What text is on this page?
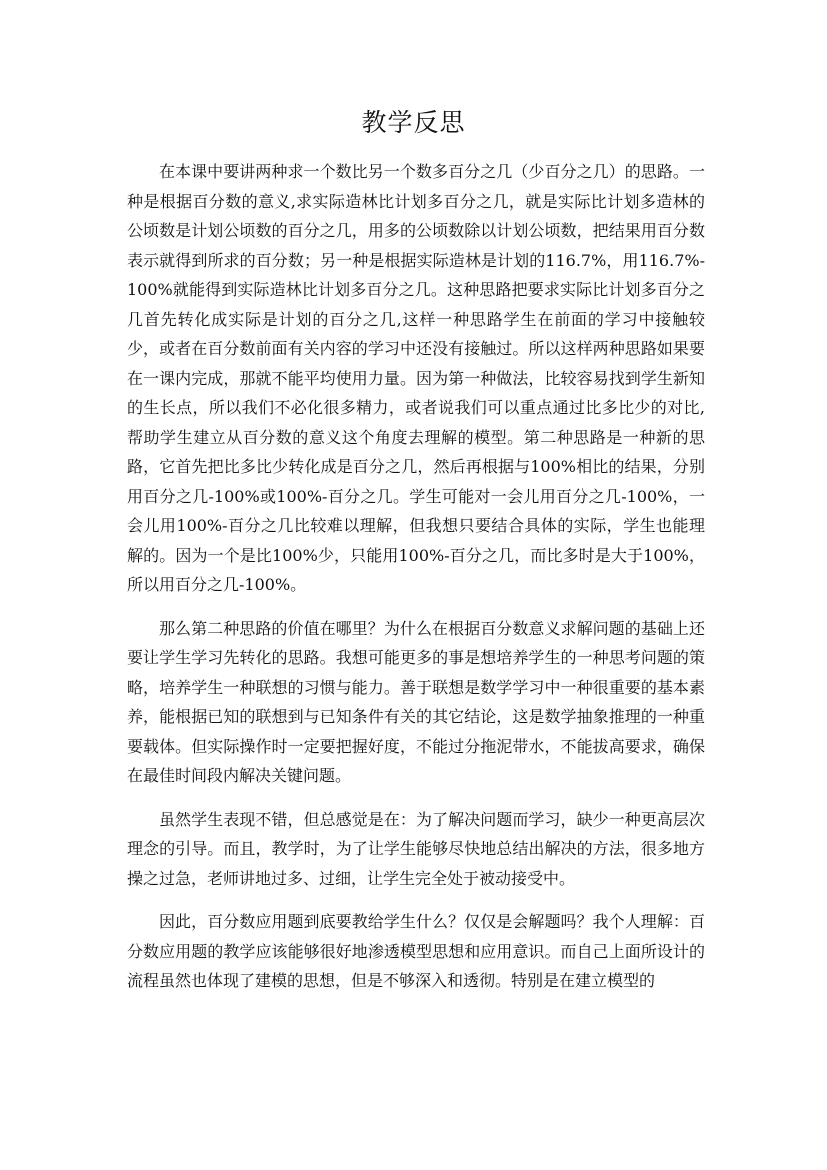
教学反思

在本课中要讲两种求一个数比另一个数多百分之几（少百分之几）的思路。一种是根据百分数的意义,求实际造林比计划多百分之几，就是实际比计划多造林的公顷数是计划公顷数的百分之几，用多的公顷数除以计划公顷数，把结果用百分数表示就得到所求的百分数；另一种是根据实际造林是计划的116.7%，用116.7%-100%就能得到实际造林比计划多百分之几。这种思路把要求实际比计划多百分之几首先转化成实际是计划的百分之几,这样一种思路学生在前面的学习中接触较少，或者在百分数前面有关内容的学习中还没有接触过。所以这样两种思路如果要在一课内完成，那就不能平均使用力量。因为第一种做法，比较容易找到学生新知的生长点，所以我们不必化很多精力，或者说我们可以重点通过比多比少的对比,帮助学生建立从百分数的意义这个角度去理解的模型。第二种思路是一种新的思路，它首先把比多比少转化成是百分之几，然后再根据与100%相比的结果，分别用百分之几-100%或100%-百分之几。学生可能对一会儿用百分之几-100%，一会儿用100%-百分之几比较难以理解，但我想只要结合具体的实际，学生也能理解的。因为一个是比100%少，只能用100%-百分之几，而比多时是大于100%，所以用百分之几-100%。

那么第二种思路的价值在哪里？为什么在根据百分数意义求解问题的基础上还要让学生学习先转化的思路。我想可能更多的事是想培养学生的一种思考问题的策略，培养学生一种联想的习惯与能力。善于联想是数学学习中一种很重要的基本素养，能根据已知的联想到与已知条件有关的其它结论，这是数学抽象推理的一种重要载体。但实际操作时一定要把握好度，不能过分拖泥带水，不能拔高要求，确保在最佳时间段内解决关键问题。

虽然学生表现不错，但总感觉是在：为了解决问题而学习，缺少一种更高层次理念的引导。而且，教学时，为了让学生能够尽快地总结出解决的方法，很多地方操之过急，老师讲地过多、过细，让学生完全处于被动接受中。

因此，百分数应用题到底要教给学生什么？仅仅是会解题吗？我个人理解：百分数应用题的教学应该能够很好地渗透模型思想和应用意识。而自己上面所设计的流程虽然也体现了建模的思想，但是不够深入和透彻。特别是在建立模型的
